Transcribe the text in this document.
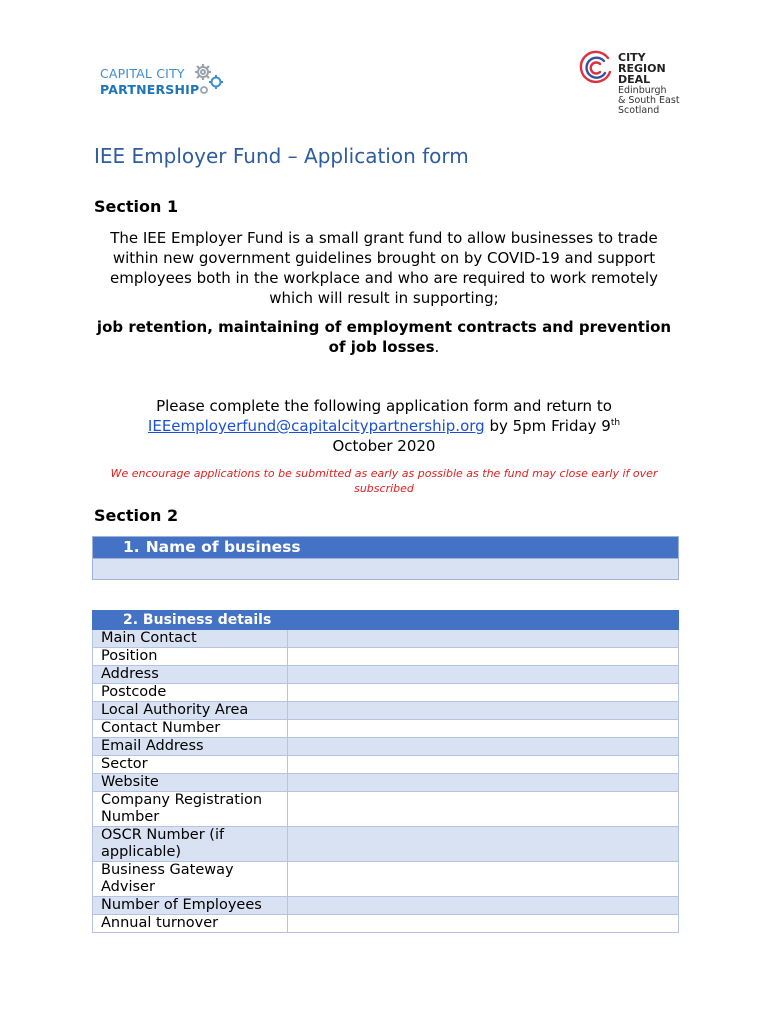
CAPITAL CITY
PARTNERSHIP
CITY
REGION
DEAL
Edinburgh
& South East
Scotland
IEE Employer Fund – Application form
Section 1

The IEE Employer Fund is a small grant fund to allow businesses to trade within new government guidelines brought on by COVID-19 and support employees both in the workplace and who are required to work remotely which will result in supporting;

job retention, maintaining of employment contracts and prevention of job losses.

Please complete the following application form and return to
IEEemployerfund@capitalcitypartnership.org by 5pm Friday 9th
October 2020

We encourage applications to be submitted as early as possible as the fund may close early if over subscribed

Section 2
1. Name of business
2. Business details	
Main Contact	
Position	
Address	
Postcode	
Local Authority Area	
Contact Number	
Email Address	
Sector	
Website	
Company Registration Number	
OSCR Number (if applicable)	
Business Gateway Adviser	
Number of Employees	
Annual turnover	
